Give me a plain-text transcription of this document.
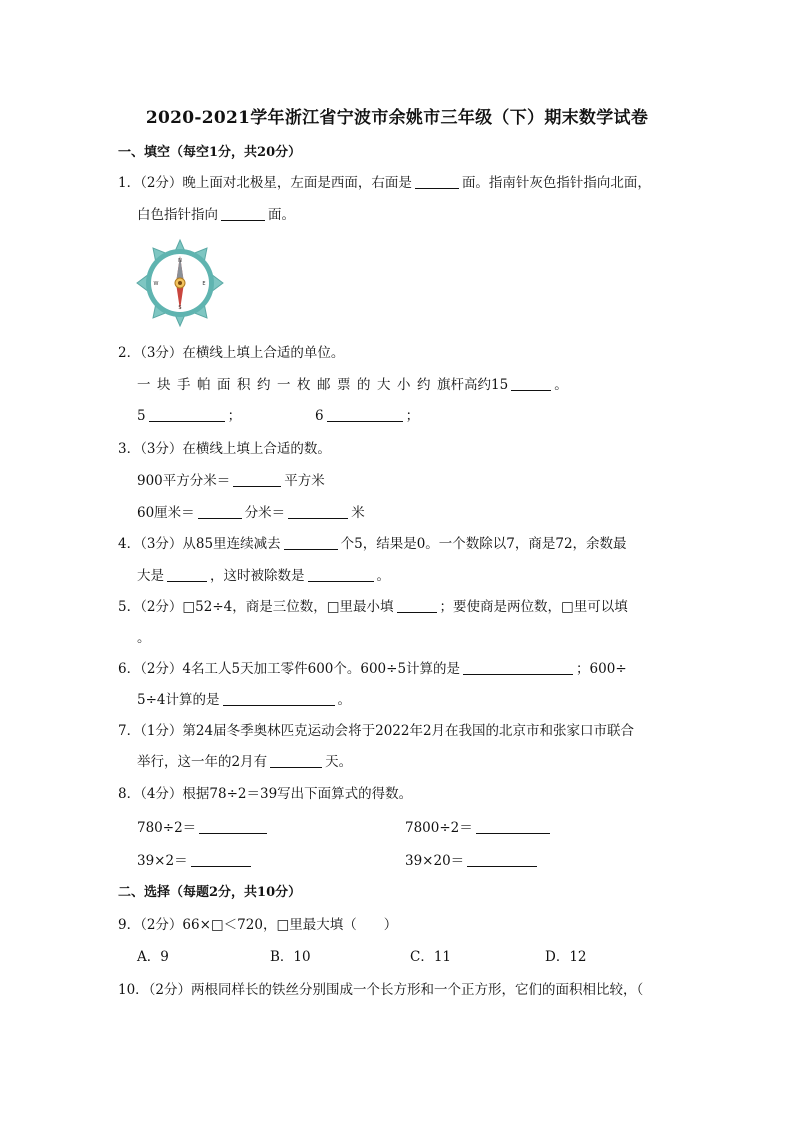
2020-2021学年浙江省宁波市余姚市三年级（下）期末数学试卷
一、填空（每空1分，共20分）
1．（2分）晚上面对北极星，左面是西面，右面是	面。指南针灰色指针指向北面，
白色指针指向	面。
N
S
W	E
2．（3分）在横线上填上合适的单位。
一块手帕面积约一枚邮票的大小约旗杆高约15	。
5	；	6	；
3．（3分）在横线上填上合适的数。
900平方分米＝	平方米
60厘米＝	分米＝	米
4．（3分）从85里连续减去	个5，结果是0。一个数除以7，商是72，余数最
大是	，这时被除数是	。
5．（2分）□52÷4，商是三位数，□里最小填	；要使商是两位数，□里可以填
。
6．（2分）4名工人5天加工零件600个。600÷5计算的是	；600÷
5÷4计算的是	。
7．（1分）第24届冬季奥林匹克运动会将于2022年2月在我国的北京市和张家口市联合
举行，这一年的2月有	天。
8．（4分）根据78÷2＝39写出下面算式的得数。
780÷2＝	7800÷2＝
39×2＝	39×20＝
二、选择（每题2分，共10分）
9．（2分）66×□＜720，□里最大填（　　）
A．9	B．10	C．11	D．12
10．（2分）两根同样长的铁丝分别围成一个长方形和一个正方形，它们的面积相比较，（
